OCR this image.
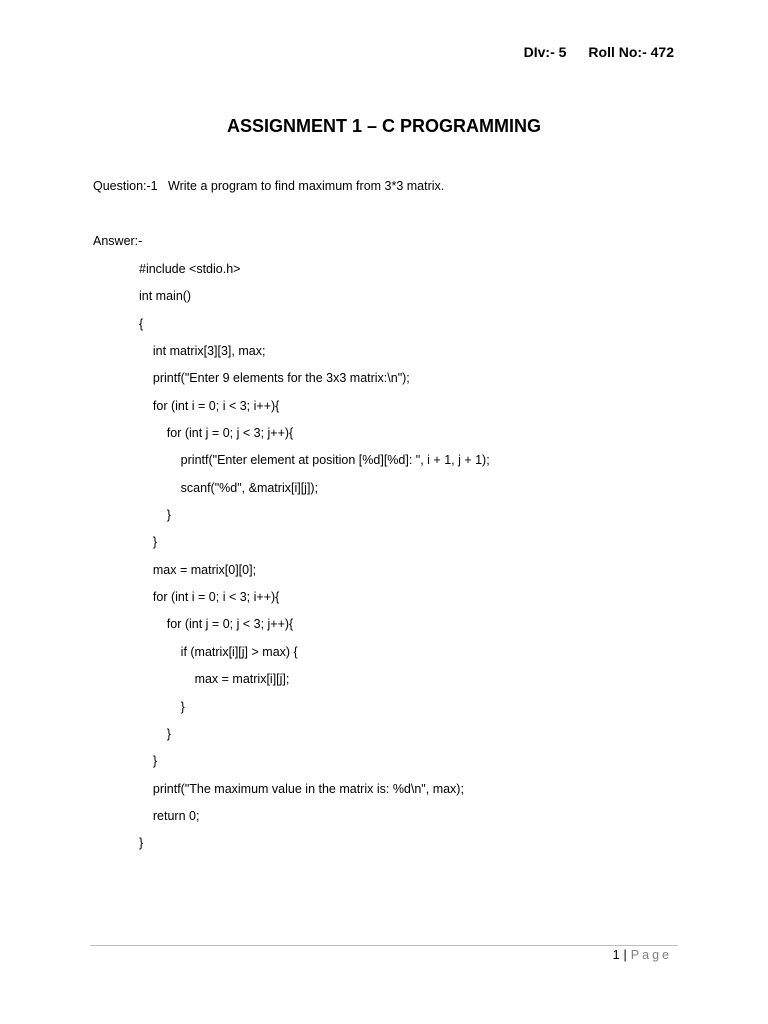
DIv:- 5 Roll No:- 472
ASSIGNMENT 1 – C PROGRAMMING
Question:-1   Write a program to find maximum from 3*3 matrix.
Answer:-
#include <stdio.h>
int main()
{
int matrix[3][3], max;
printf("Enter 9 elements for the 3x3 matrix:\n");
for (int i = 0; i < 3; i++){
for (int j = 0; j < 3; j++){
printf("Enter element at position [%d][%d]: ", i + 1, j + 1);
scanf("%d", &matrix[i][j]);
}
}
max = matrix[0][0];
for (int i = 0; i < 3; i++){
for (int j = 0; j < 3; j++){
if (matrix[i][j] > max) {
max = matrix[i][j];
}
}
}
printf("The maximum value in the matrix is: %d\n", max);
return 0;
}
1 | Page
